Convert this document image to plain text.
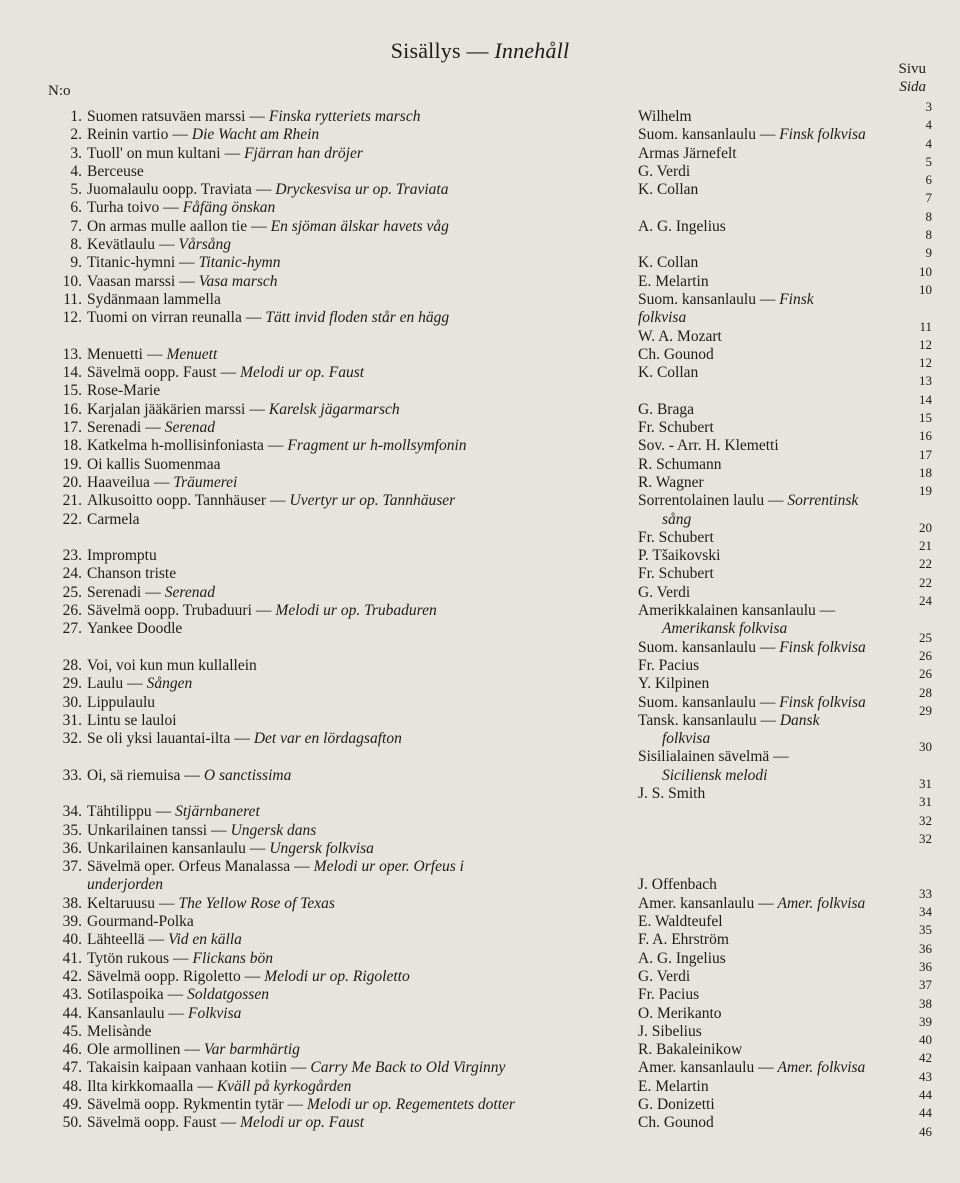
Sisällys — Innehåll
N:o
Sivu
Sida
1. Suomen ratsuväen marssi — Finska rytteriets marsch
2. Reinin vartio — Die Wacht am Rhein
3. Tuoll' on mun kultani — Fjärran han dröjer
4. Berceuse
5. Juomalaulu oopp. Traviata — Dryckesvisa ur op. Traviata
6. Turha toivo — Fåfäng önskan
7. On armas mulle aallon tie — En sjöman älskar havets våg
8. Kevätlaulu — Vårsång
9. Titanic-hymni — Titanic-hymn
10. Vaasan marssi — Vasa marsch
11. Sydänmaan lammella
12. Tuomi on virran reunalla — Tätt invid floden står en hägg
13. Menuetti — Menuett
14. Sävelmä oopp. Faust — Melodi ur op. Faust
15. Rose-Marie
16. Karjalan jääkärien marssi — Karelsk jägarmarsch
17. Serenadi — Serenad
18. Katkelma h-mollisinfoniasta — Fragment ur h-mollsymfonin
19. Oi kallis Suomenmaa
20. Haaveilua — Träumerei
21. Alkusoitto oopp. Tannhäuser — Uvertyr ur op. Tannhäuser
22. Carmela
23. Impromptu
24. Chanson triste
25. Serenadi — Serenad
26. Sävelmä oopp. Trubaduuri — Melodi ur op. Trubaduren
27. Yankee Doodle
28. Voi, voi kun mun kullallein
29. Laulu — Sången
30. Lippulaulu
31. Lintu se lauloi
32. Se oli yksi lauantai-ilta — Det var en lördagsafton
33. Oi, sä riemuisa — O sanctissima
34. Tähtilippu — Stjärnbaneret
35. Unkarilainen tanssi — Ungersk dans
36. Unkarilainen kansanlaulu — Ungersk folkvisa
37. Sävelmä oper. Orfeus Manalassa — Melodi ur oper. Orfeus i
underjorden
38. Keltaruusu — The Yellow Rose of Texas
39. Gourmand-Polka
40. Lähteellä — Vid en källa
41. Tytön rukous — Flickans bön
42. Sävelmä oopp. Rigoletto — Melodi ur op. Rigoletto
43. Sotilaspoika — Soldatgossen
44. Kansanlaulu — Folkvisa
45. Melisànde
46. Ole armollinen — Var barmhärtig
47. Takaisin kaipaan vanhaan kotiin — Carry Me Back to Old Virginny
48. Ilta kirkkomaalla — Kväll på kyrkogården
49. Sävelmä oopp. Rykmentin tytär — Melodi ur op. Regementets dotter
50. Sävelmä oopp. Faust — Melodi ur op. Faust
Wilhelm
Suom. kansanlaulu — Finsk folkvisa
Armas Järnefelt
G. Verdi
K. Collan
A. G. Ingelius
K. Collan
E. Melartin
Suom. kansanlaulu — Finsk
folkvisa
W. A. Mozart
Ch. Gounod
K. Collan
G. Braga
Fr. Schubert
Sov. - Arr. H. Klemetti
R. Schumann
R. Wagner
Sorrentolainen laulu — Sorrentinsk
sång
Fr. Schubert
P. Tšaikovski
Fr. Schubert
G. Verdi
Amerikkalainen kansanlaulu —
Amerikansk folkvisa
Suom. kansanlaulu — Finsk folkvisa
Fr. Pacius
Y. Kilpinen
Suom. kansanlaulu — Finsk folkvisa
Tansk. kansanlaulu — Dansk
folkvisa
Sisilialainen sävelmä —
Siciliensk melodi
J. S. Smith
J. Offenbach
Amer. kansanlaulu — Amer. folkvisa
E. Waldteufel
F. A. Ehrström
A. G. Ingelius
G. Verdi
Fr. Pacius
O. Merikanto
J. Sibelius
R. Bakaleinikow
Amer. kansanlaulu — Amer. folkvisa
E. Melartin
G. Donizetti
Ch. Gounod
3
4
4
5
6
7
8
8
9
10
10
11
12
12
13
14
15
16
17
18
19
20
21
22
22
24
25
26
26
28
29
30
31
31
32
32
33
34
35
36
36
37
38
39
40
42
43
44
44
46
